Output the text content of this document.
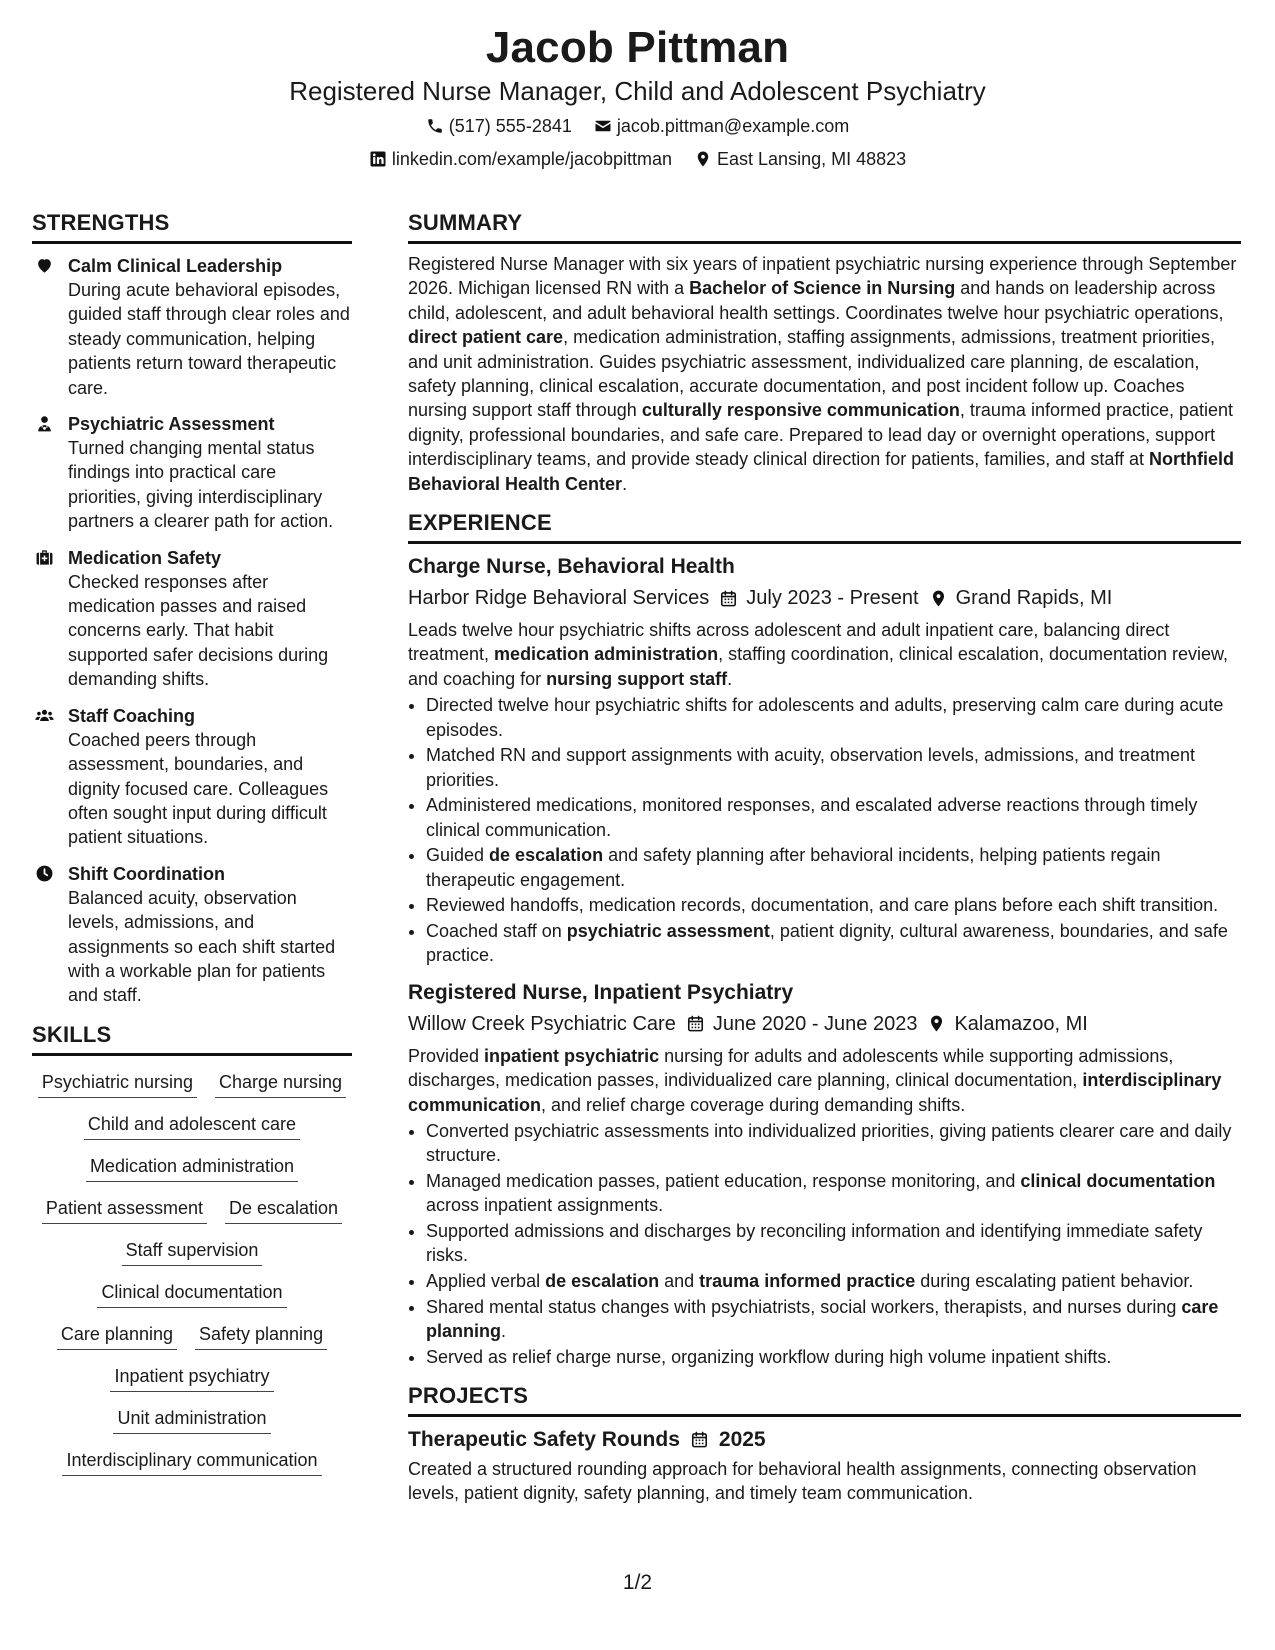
Jacob Pittman
Registered Nurse Manager, Child and Adolescent Psychiatry
(517) 555-2841	jacob.pittman@example.com
linkedin.com/example/jacobpittman	East Lansing, MI 48823
STRENGTHS
Calm Clinical Leadership
During acute behavioral episodes, guided staff through clear roles and steady communication, helping patients return toward therapeutic care.
Psychiatric Assessment
Turned changing mental status findings into practical care priorities, giving interdisciplinary partners a clearer path for action.
Medication Safety
Checked responses after medication passes and raised concerns early. That habit supported safer decisions during demanding shifts.
Staff Coaching
Coached peers through assessment, boundaries, and dignity focused care. Colleagues often sought input during difficult patient situations.
Shift Coordination
Balanced acuity, observation levels, admissions, and assignments so each shift started with a workable plan for patients and staff.
SKILLS
Psychiatric nursing Charge nursing
Child and adolescent care
Medication administration
Patient assessment De escalation
Staff supervision
Clinical documentation
Care planning Safety planning
Inpatient psychiatry
Unit administration
Interdisciplinary communication
SUMMARY
Registered Nurse Manager with six years of inpatient psychiatric nursing experience through September 2026. Michigan licensed RN with a Bachelor of Science in Nursing and hands on leadership across child, adolescent, and adult behavioral health settings. Coordinates twelve hour psychiatric operations, direct patient care, medication administration, staffing assignments, admissions, treatment priorities, and unit administration. Guides psychiatric assessment, individualized care planning, de escalation, safety planning, clinical escalation, accurate documentation, and post incident follow up. Coaches nursing support staff through culturally responsive communication, trauma informed practice, patient dignity, professional boundaries, and safe care. Prepared to lead day or overnight operations, support interdisciplinary teams, and provide steady clinical direction for patients, families, and staff at Northfield Behavioral Health Center.
EXPERIENCE
Charge Nurse, Behavioral Health
Harbor Ridge Behavioral Services July 2023 - Present Grand Rapids, MI
Leads twelve hour psychiatric shifts across adolescent and adult inpatient care, balancing direct treatment, medication administration, staffing coordination, clinical escalation, documentation review, and coaching for nursing support staff.
• Directed twelve hour psychiatric shifts for adolescents and adults, preserving calm care during acute episodes.
• Matched RN and support assignments with acuity, observation levels, admissions, and treatment priorities.
• Administered medications, monitored responses, and escalated adverse reactions through timely clinical communication.
• Guided de escalation and safety planning after behavioral incidents, helping patients regain therapeutic engagement.
• Reviewed handoffs, medication records, documentation, and care plans before each shift transition.
• Coached staff on psychiatric assessment, patient dignity, cultural awareness, boundaries, and safe practice.
Registered Nurse, Inpatient Psychiatry
Willow Creek Psychiatric Care June 2020 - June 2023 Kalamazoo, MI
Provided inpatient psychiatric nursing for adults and adolescents while supporting admissions, discharges, medication passes, individualized care planning, clinical documentation, interdisciplinary communication, and relief charge coverage during demanding shifts.
• Converted psychiatric assessments into individualized priorities, giving patients clearer care and daily structure.
• Managed medication passes, patient education, response monitoring, and clinical documentation across inpatient assignments.
• Supported admissions and discharges by reconciling information and identifying immediate safety risks.
• Applied verbal de escalation and trauma informed practice during escalating patient behavior.
• Shared mental status changes with psychiatrists, social workers, therapists, and nurses during care planning.
• Served as relief charge nurse, organizing workflow during high volume inpatient shifts.
PROJECTS
Therapeutic Safety Rounds 2025
Created a structured rounding approach for behavioral health assignments, connecting observation levels, patient dignity, safety planning, and timely team communication.
1/2
